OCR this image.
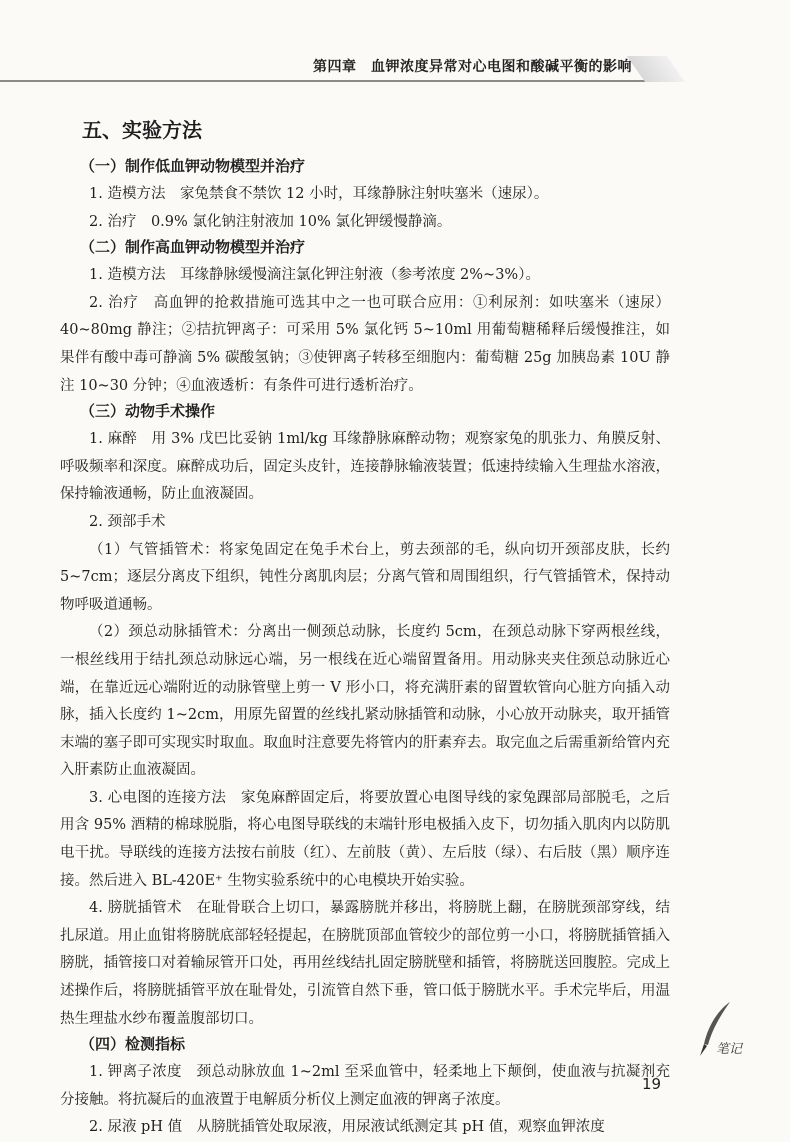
第四章　血钾浓度异常对心电图和酸碱平衡的影响
五、实验方法
（一）制作低血钾动物模型并治疗
1. 造模方法　家兔禁食不禁饮 12 小时，耳缘静脉注射呋塞米（速尿）。
2. 治疗　0.9% 氯化钠注射液加 10% 氯化钾缓慢静滴。
（二）制作高血钾动物模型并治疗
1. 造模方法　耳缘静脉缓慢滴注氯化钾注射液（参考浓度 2%~3%）。
2. 治疗　高血钾的抢救措施可选其中之一也可联合应用：①利尿剂：如呋塞米（速尿）40~80mg 静注；②拮抗钾离子：可采用 5% 氯化钙 5~10ml 用葡萄糖稀释后缓慢推注，如果伴有酸中毒可静滴 5% 碳酸氢钠；③使钾离子转移至细胞内：葡萄糖 25g 加胰岛素 10U 静注 10~30 分钟；④血液透析：有条件可进行透析治疗。
（三）动物手术操作
1. 麻醉　用 3% 戊巴比妥钠 1ml/kg 耳缘静脉麻醉动物；观察家兔的肌张力、角膜反射、呼吸频率和深度。麻醉成功后，固定头皮针，连接静脉输液装置；低速持续输入生理盐水溶液，保持输液通畅，防止血液凝固。
2. 颈部手术
（1）气管插管术：将家兔固定在兔手术台上，剪去颈部的毛，纵向切开颈部皮肤，长约 5~7cm；逐层分离皮下组织，钝性分离肌肉层；分离气管和周围组织，行气管插管术，保持动物呼吸道通畅。
（2）颈总动脉插管术：分离出一侧颈总动脉，长度约 5cm，在颈总动脉下穿两根丝线，一根丝线用于结扎颈总动脉远心端，另一根线在近心端留置备用。用动脉夹夹住颈总动脉近心端，在靠近远心端附近的动脉管壁上剪一 V 形小口，将充满肝素的留置软管向心脏方向插入动脉，插入长度约 1~2cm，用原先留置的丝线扎紧动脉插管和动脉，小心放开动脉夹，取开插管末端的塞子即可实现实时取血。取血时注意要先将管内的肝素弃去。取完血之后需重新给管内充入肝素防止血液凝固。
3. 心电图的连接方法　家兔麻醉固定后，将要放置心电图导线的家兔踝部局部脱毛，之后用含 95% 酒精的棉球脱脂，将心电图导联线的末端针形电极插入皮下，切勿插入肌肉内以防肌电干扰。导联线的连接方法按右前肢（红）、左前肢（黄）、左后肢（绿）、右后肢（黑）顺序连接。然后进入 BL-420E⁺ 生物实验系统中的心电模块开始实验。
4. 膀胱插管术　在耻骨联合上切口，暴露膀胱并移出，将膀胱上翻，在膀胱颈部穿线，结扎尿道。用止血钳将膀胱底部轻轻提起，在膀胱顶部血管较少的部位剪一小口，将膀胱插管插入膀胱，插管接口对着输尿管开口处，再用丝线结扎固定膀胱壁和插管，将膀胱送回腹腔。完成上述操作后，将膀胱插管平放在耻骨处，引流管自然下垂，管口低于膀胱水平。手术完毕后，用温热生理盐水纱布覆盖腹部切口。
（四）检测指标
1. 钾离子浓度　颈总动脉放血 1~2ml 至采血管中，轻柔地上下颠倒，使血液与抗凝剂充分接触。将抗凝后的血液置于电解质分析仪上测定血液的钾离子浓度。
2. 尿液 pH 值　从膀胱插管处取尿液，用尿液试纸测定其 pH 值，观察血钾浓度
笔记
19
